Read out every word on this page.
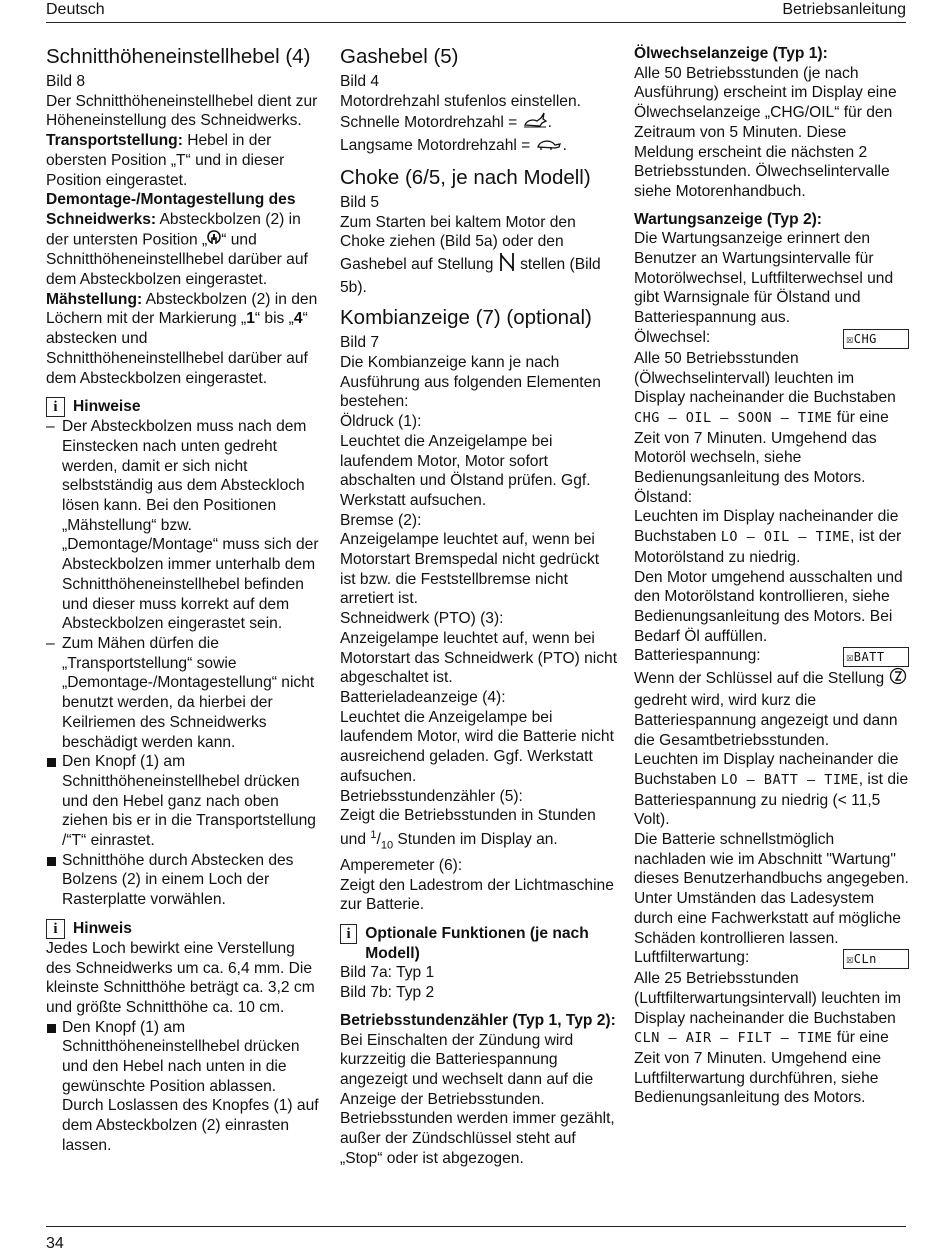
Deutsch	Betriebsanleitung
Schnitthöheneinstellhebel (4)

Bild 8

Der Schnitthöheneinstellhebel dient zur Höheneinstellung des Schneidwerks.

Transportstellung: Hebel in der obersten Position „T“ und in dieser Position eingerastet.

Demontage-/Montagestellung des Schneidwerks: Absteckbolzen (2) in der untersten Position „ “ und Schnitthöheneinstellhebel darüber auf dem Absteckbolzen eingerastet.

Mähstellung: Absteckbolzen (2) in den Löchern mit der Markierung „1“ bis „4“ abstecken und Schnitthöheneinstellhebel darüber auf dem Absteckbolzen eingerastet.

i Hinweise

– Der Absteckbolzen muss nach dem Einstecken nach unten gedreht werden, damit er sich nicht selbstständig aus dem Absteckloch lösen kann. Bei den Positionen „Mähstellung“ bzw. „Demontage/Montage“ muss sich der Absteckbolzen immer unterhalb dem Schnitthöheneinstellhebel befinden und dieser muss korrekt auf dem Absteckbolzen eingerastet sein.
– Zum Mähen dürfen die „Transportstellung“ sowie „Demontage-/Montagestellung“ nicht benutzt werden, da hierbei der Keilriemen des Schneidwerks beschädigt werden kann.
Den Knopf (1) am Schnitthöheneinstellhebel drücken und den Hebel ganz nach oben ziehen bis er in die Transportstellung /“T“ einrastet.
Schnitthöhe durch Abstecken des Bolzens (2) in einem Loch der Rasterplatte vorwählen.

i Hinweis

Jedes Loch bewirkt eine Verstellung des Schneidwerks um ca. 6,4 mm. Die kleinste Schnitthöhe beträgt ca. 3,2 cm und größte Schnitthöhe ca. 10 cm.

Den Knopf (1) am Schnitthöheneinstellhebel drücken und den Hebel nach unten in die gewünschte Position ablassen. Durch Loslassen des Knopfes (1) auf dem Absteckbolzen (2) einrasten lassen.
Gashebel (5)

Bild 4

Motordrehzahl stufenlos einstellen.

Schnelle Motordrehzahl = .

Langsame Motordrehzahl = .

Choke (6/5, je nach Modell)

Bild 5

Zum Starten bei kaltem Motor den Choke ziehen (Bild 5a) oder den Gashebel auf Stellung  stellen (Bild 5b).

Kombianzeige (7) (optional)

Bild 7

Die Kombianzeige kann je nach Ausführung aus folgenden Elementen bestehen:

Öldruck (1):

Leuchtet die Anzeigelampe bei laufendem Motor, Motor sofort abschalten und Ölstand prüfen. Ggf. Werkstatt aufsuchen.

Bremse (2):

Anzeigelampe leuchtet auf, wenn bei Motorstart Bremspedal nicht gedrückt ist bzw. die Feststellbremse nicht arretiert ist.

Schneidwerk (PTO) (3):

Anzeigelampe leuchtet auf, wenn bei Motorstart das Schneidwerk (PTO) nicht abgeschaltet ist.

Batterieladeanzeige (4):

Leuchtet die Anzeigelampe bei laufendem Motor, wird die Batterie nicht ausreichend geladen. Ggf. Werkstatt aufsuchen.

Betriebsstundenzähler (5):

Zeigt die Betriebsstunden in Stunden und $^1/_{10}$ Stunden im Display an.

Amperemeter (6):

Zeigt den Ladestrom der Lichtmaschine zur Batterie.

i Optionale Funktionen (je nach Modell)

Bild 7a: Typ 1

Bild 7b: Typ 2

Betriebsstundenzähler (Typ 1, Typ 2):

Bei Einschalten der Zündung wird kurzzeitig die Batteriespannung angezeigt und wechselt dann auf die Anzeige der Betriebsstunden. Betriebsstunden werden immer gezählt, außer der Zündschlüssel steht auf „Stop“ oder ist abgezogen.

Ölwechselanzeige (Typ 1):

Alle 50 Betriebsstunden (je nach Ausführung) erscheint im Display eine Ölwechselanzeige „CHG/OIL“ für den Zeitraum von 5 Minuten. Diese Meldung erscheint die nächsten 2 Betriebsstunden. Ölwechselintervalle siehe Motorenhandbuch.

Wartungsanzeige (Typ 2):

Die Wartungsanzeige erinnert den Benutzer an Wartungsintervalle für Motorölwechsel, Luftfilterwechsel und gibt Warnsignale für Ölstand und Batteriespannung aus.

Ölwechsel:	☒CHG

Alle 50 Betriebsstunden (Ölwechselintervall) leuchten im Display nacheinander die Buchstaben CHG – OIL – SOON – TIME für eine Zeit von 7 Minuten. Umgehend das Motoröl wechseln, siehe Bedienungsanleitung des Motors.

Ölstand:

Leuchten im Display nacheinander die Buchstaben LO – OIL – TIME, ist der Motorölstand zu niedrig.

Den Motor umgehend ausschalten und den Motorölstand kontrollieren, siehe Bedienungsanleitung des Motors. Bei Bedarf Öl auffüllen.

Batteriespannung:	☒BATT

Wenn der Schlüssel auf die Stellung  gedreht wird, wird kurz die Batteriespannung angezeigt und dann die Gesamtbetriebsstunden.

Leuchten im Display nacheinander die Buchstaben LO – BATT – TIME, ist die Batteriespannung zu niedrig (< 11,5 Volt).

Die Batterie schnellstmöglich nachladen wie im Abschnitt "Wartung" dieses Benutzerhandbuchs angegeben. Unter Umständen das Ladesystem durch eine Fachwerkstatt auf mögliche Schäden kontrollieren lassen.

Luftfilterwartung:	☒CLn

Alle 25 Betriebsstunden (Luftfilterwartungsintervall) leuchten im Display nacheinander die Buchstaben CLN – AIR – FILT – TIME für eine Zeit von 7 Minuten. Umgehend eine Luftfilterwartung durchführen, siehe Bedienungsanleitung des Motors.

34
